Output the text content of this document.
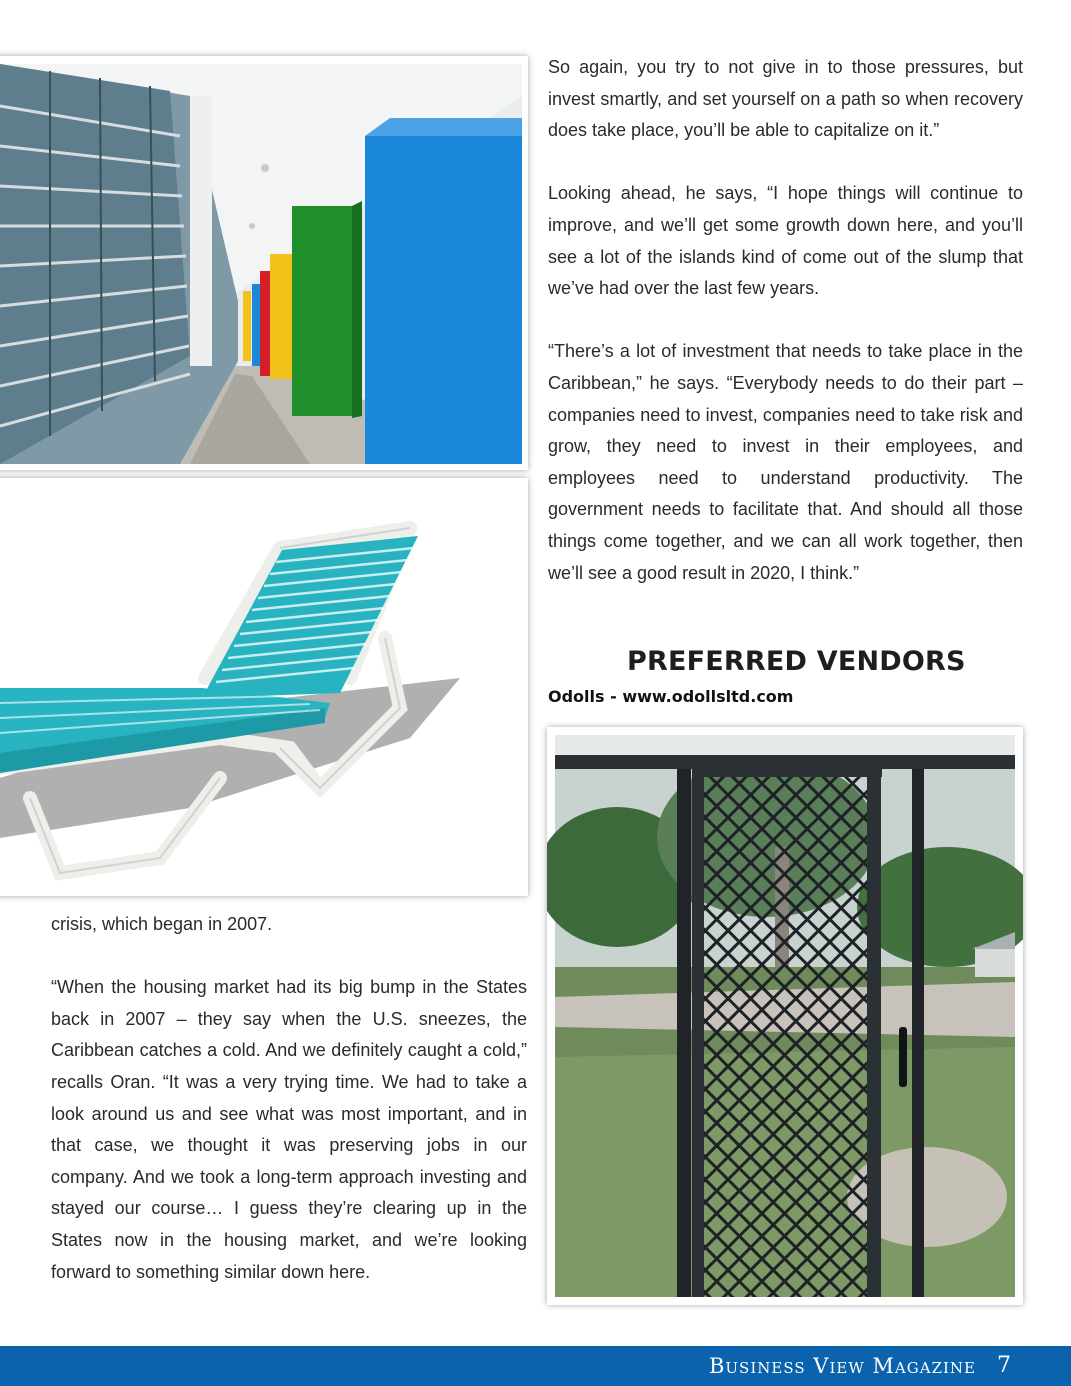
So again, you try to not give in to those pressures, but invest smartly, and set yourself on a path so when recovery does take place, you’ll be able to capitalize on it.”

Looking ahead, he says, “I hope things will continue to improve, and we’ll get some growth down here, and you’ll see a lot of the islands kind of come out of the slump that we’ve had over the last few years.

“There’s a lot of investment that needs to take place in the Caribbean,” he says. “Everybody needs to do their part – companies need to invest, companies need to take risk and grow, they need to invest in their employees, and employees need to understand productivity. The government needs to facilitate that. And should all those things come together, and we can all work together, then we’ll see a good result in 2020, I think.”

PREFERRED VENDORS
Odolls - www.odollsltd.com

crisis, which began in 2007.

“When the housing market had its big bump in the States back in 2007 – they say when the U.S. sneezes, the Caribbean catches a cold. And we definitely caught a cold,” recalls Oran. “It was a very trying time. We had to take a look around us and see what was most important, and in that case, we thought it was preserving jobs in our company. And we took a long-term approach investing and stayed our course… I guess they’re clearing up in the States now in the housing market, and we’re looking forward to something similar down here.

Business View Magazine 7
